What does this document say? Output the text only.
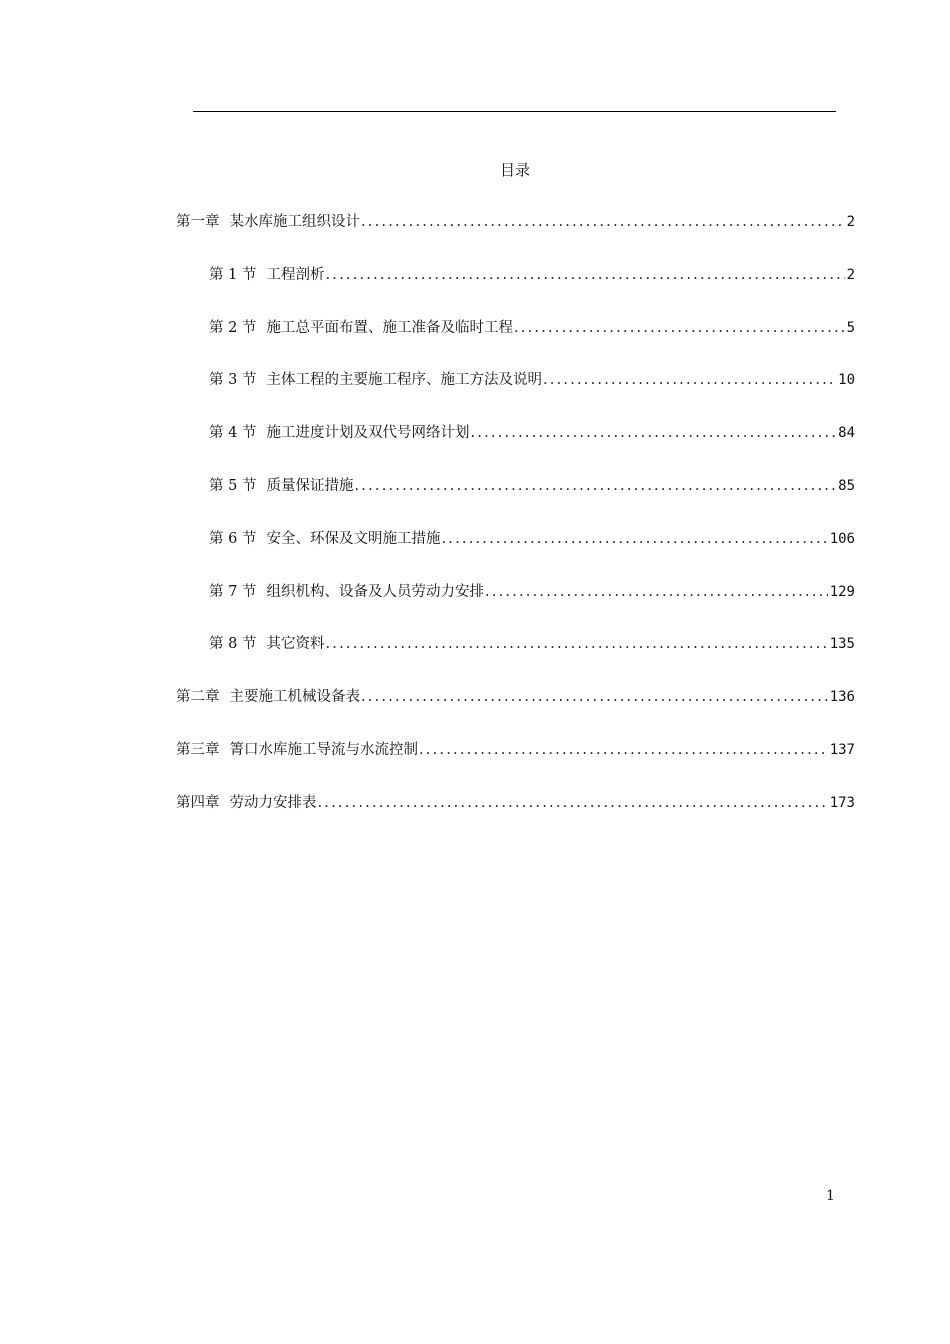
目录
第一章 某水库施工组织设计 .....	2
第 1 节 工程剖析 .....	2
第 2 节 施工总平面布置、施工准备及临时工程 .....	5
第 3 节 主体工程的主要施工程序、施工方法及说明 .....	10
第 4 节 施工进度计划及双代号网络计划 .....	84
第 5 节 质量保证措施 .....	85
第 6 节 安全、环保及文明施工措施 .....	106
第 7 节 组织机构、设备及人员劳动力安排 .....	129
第 8 节 其它资料 .....	135
第二章 主要施工机械设备表 .....	136
第三章 箐口水库施工导流与水流控制 .....	137
第四章 劳动力安排表 .....	173
1
